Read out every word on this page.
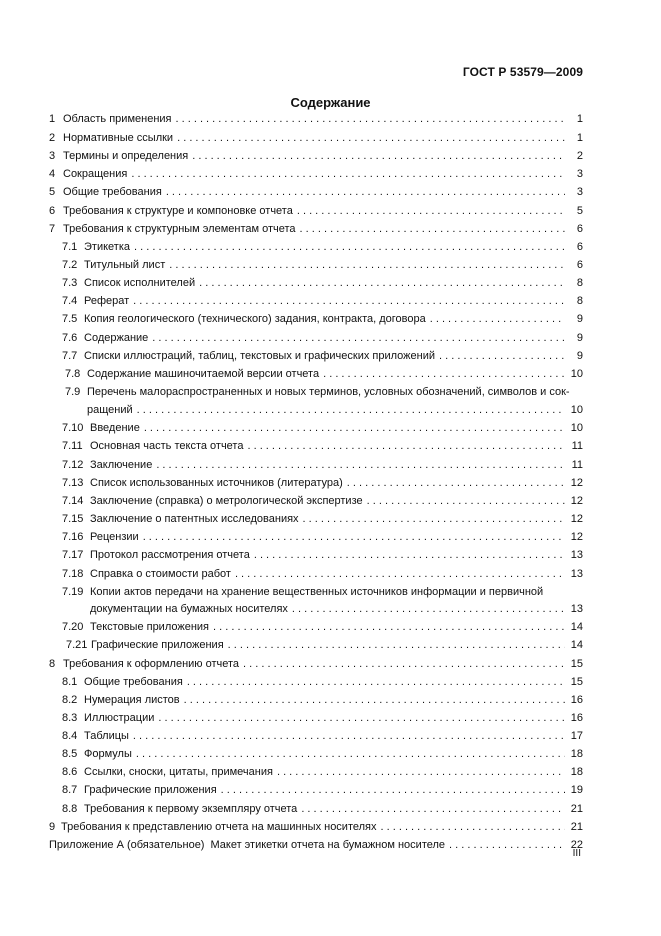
ГОСТ Р 53579—2009
Содержание
1 Область применения . . .	1
2 Нормативные ссылки . . .	1
3 Термины и определения . . .	2
4 Сокращения . . .	3
5 Общие требования . . .	3
6 Требования к структуре и компоновке отчета . . .	5
7 Требования к структурным элементам отчета . . .	6
7.1 Этикетка . . .	6
7.2 Титульный лист . . .	6
7.3 Список исполнителей . . .	8
7.4 Реферат . . .	8
7.5 Копия геологического (технического) задания, контракта, договора . . .	9
7.6 Содержание . . .	9
7.7 Списки иллюстраций, таблиц, текстовых и графических приложений . . .	9
7.8 Содержание машиночитаемой версии отчета . . .	10
7.9 Перечень малораспространенных и новых терминов, условных обозначений, символов и сок-
ращений . . .	10
7.10 Введение . . .	10
7.11 Основная часть текста отчета . . .	11
7.12 Заключение . . .	11
7.13 Список использованных источников (литература) . . .	12
7.14 Заключение (справка) о метрологической экспертизе . . .	12
7.15 Заключение о патентных исследованиях . . .	12
7.16 Рецензии . . .	12
7.17 Протокол рассмотрения отчета . . .	13
7.18 Справка о стоимости работ . . .	13
7.19 Копии актов передачи на хранение вещественных источников информации и первичной
документации на бумажных носителях . . .	13
7.20 Текстовые приложения . . .	14
7.21 Графические приложения . . .	14
8 Требования к оформлению отчета . . .	15
8.1 Общие требования . . .	15
8.2 Нумерация листов . . .	16
8.3 Иллюстрации . . .	16
8.4 Таблицы . . .	17
8.5 Формулы . . .	18
8.6 Ссылки, сноски, цитаты, примечания . . .	18
8.7 Графические приложения . . .	19
8.8 Требования к первому экземпляру отчета . . .	21
9 Требования к представлению отчета на машинных носителях . . .	21
Приложение А (обязательное) Макет этикетки отчета на бумажном носителе . . .	22
III
